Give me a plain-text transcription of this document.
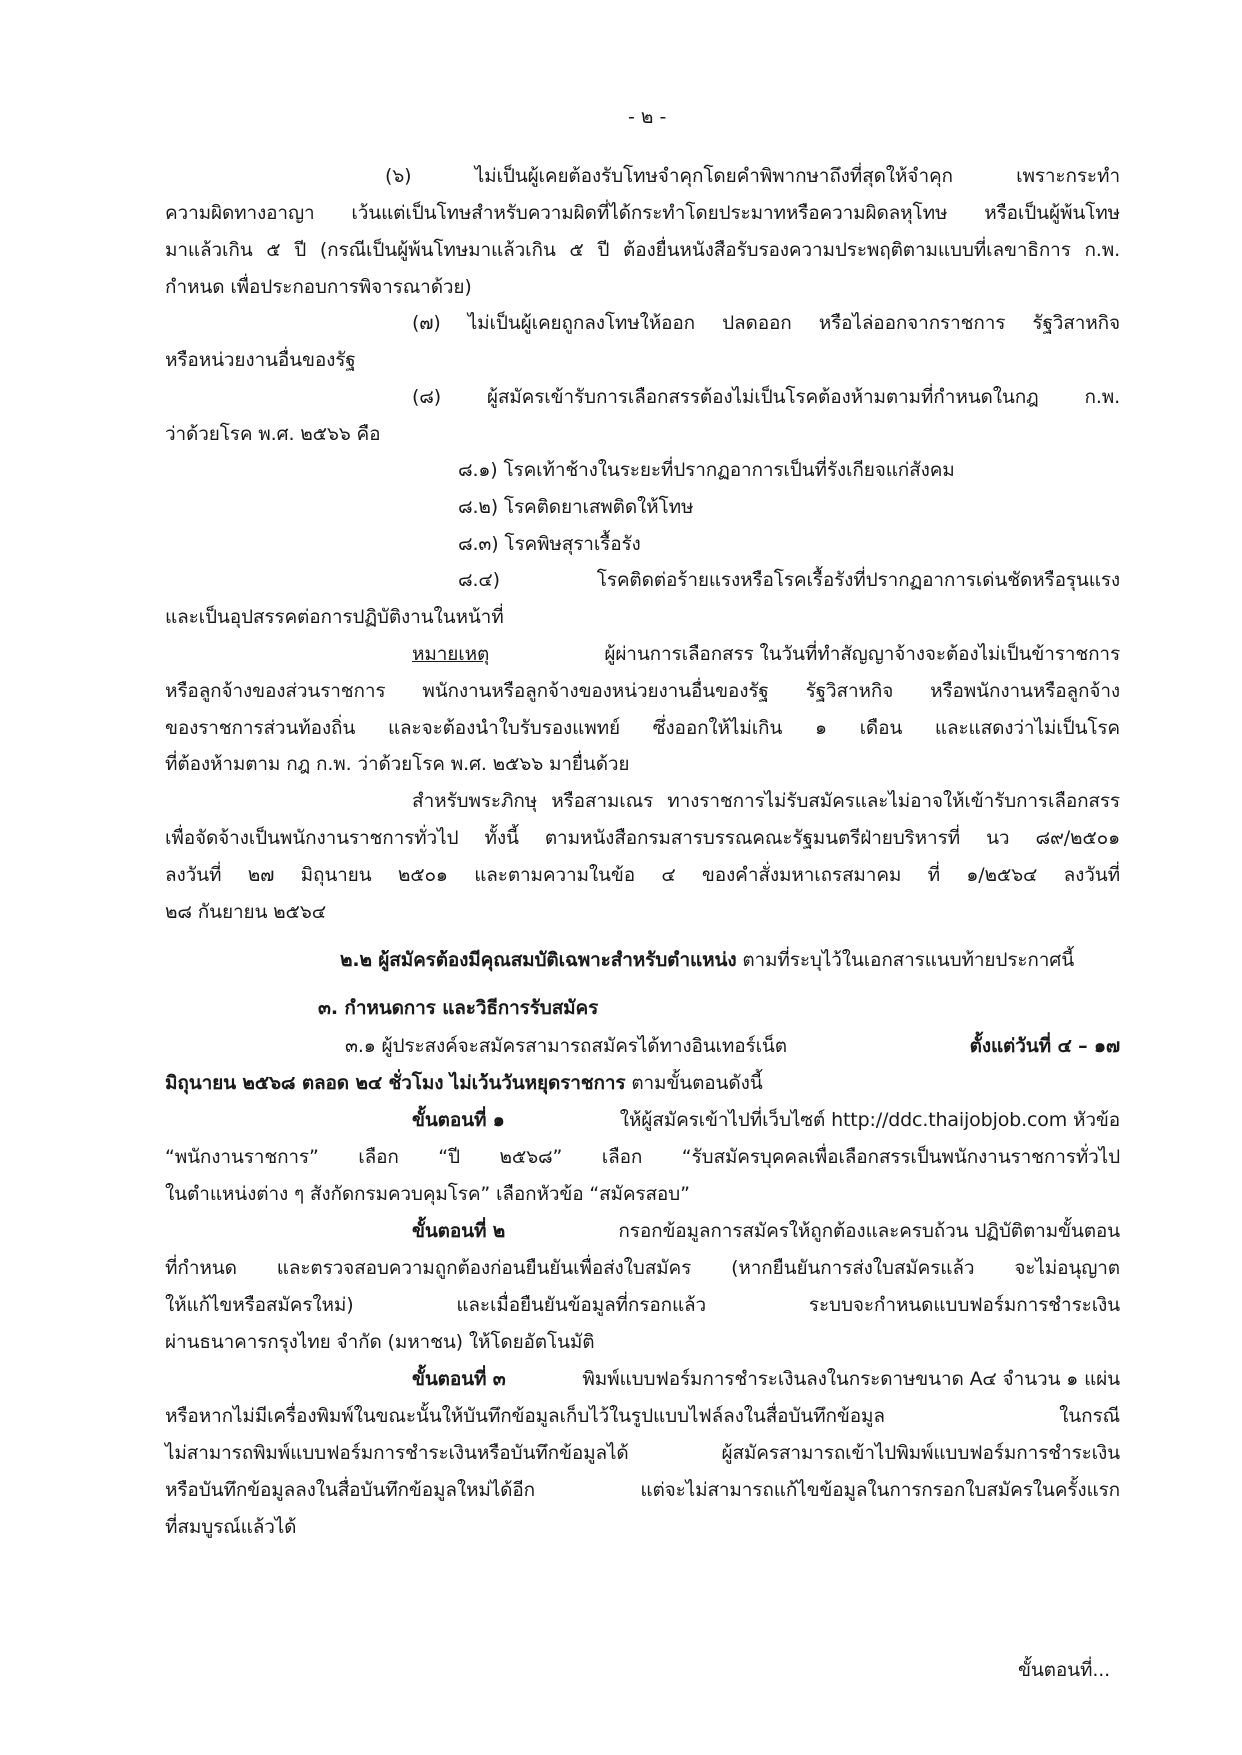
- ๒ -
(๖) ไม่เป็นผู้เคยต้องรับโทษจำคุกโดยคำพิพากษาถึงที่สุดให้จำคุก เพราะกระทำ
ความผิดทางอาญา เว้นแต่เป็นโทษสำหรับความผิดที่ได้กระทำโดยประมาทหรือความผิดลหุโทษ หรือเป็นผู้พ้นโทษ
มาแล้วเกิน ๕ ปี (กรณีเป็นผู้พ้นโทษมาแล้วเกิน ๕ ปี ต้องยื่นหนังสือรับรองความประพฤติตามแบบที่เลขาธิการ ก.พ.
กำหนด เพื่อประกอบการพิจารณาด้วย)
(๗) ไม่เป็นผู้เคยถูกลงโทษให้ออก ปลดออก หรือไล่ออกจากราชการ รัฐวิสาหกิจ
หรือหน่วยงานอื่นของรัฐ
(๘) ผู้สมัครเข้ารับการเลือกสรรต้องไม่เป็นโรคต้องห้ามตามที่กำหนดในกฎ ก.พ.
ว่าด้วยโรค พ.ศ. ๒๕๖๖ คือ
๘.๑) โรคเท้าช้างในระยะที่ปรากฏอาการเป็นที่รังเกียจแก่สังคม
๘.๒) โรคติดยาเสพติดให้โทษ
๘.๓) โรคพิษสุราเรื้อรัง
๘.๔) โรคติดต่อร้ายแรงหรือโรคเรื้อรังที่ปรากฏอาการเด่นชัดหรือรุนแรง
และเป็นอุปสรรคต่อการปฏิบัติงานในหน้าที่
หมายเหตุ	ผู้ผ่านการเลือกสรร ในวันที่ทำสัญญาจ้างจะต้องไม่เป็นข้าราชการ
หรือลูกจ้างของส่วนราชการ พนักงานหรือลูกจ้างของหน่วยงานอื่นของรัฐ รัฐวิสาหกิจ หรือพนักงานหรือลูกจ้าง
ของราชการส่วนท้องถิ่น และจะต้องนำใบรับรองแพทย์ ซึ่งออกให้ไม่เกิน ๑ เดือน และแสดงว่าไม่เป็นโรค
ที่ต้องห้ามตาม กฎ ก.พ. ว่าด้วยโรค พ.ศ. ๒๕๖๖ มายื่นด้วย
สำหรับพระภิกษุ หรือสามเณร ทางราชการไม่รับสมัครและไม่อาจให้เข้ารับการเลือกสรร
เพื่อจัดจ้างเป็นพนักงานราชการทั่วไป ทั้งนี้ ตามหนังสือกรมสารบรรณคณะรัฐมนตรีฝ่ายบริหารที่ นว ๘๙/๒๕๐๑
ลงวันที่ ๒๗ มิถุนายน ๒๕๐๑ และตามความในข้อ ๔ ของคำสั่งมหาเถรสมาคม ที่ ๑/๒๕๖๔ ลงวันที่
๒๘ กันยายน ๒๕๖๔
๒.๒ ผู้สมัครต้องมีคุณสมบัติเฉพาะสำหรับตำแหน่ง ตามที่ระบุไว้ในเอกสารแนบท้ายประกาศนี้
๓. กำหนดการ และวิธีการรับสมัคร
๓.๑ ผู้ประสงค์จะสมัครสามารถสมัครได้ทางอินเทอร์เน็ต	ตั้งแต่วันที่ ๔ – ๑๗
มิถุนายน ๒๕๖๘ ตลอด ๒๔ ชั่วโมง ไม่เว้นวันหยุดราชการ ตามขั้นตอนดังนี้
ขั้นตอนที่ ๑	ให้ผู้สมัครเข้าไปที่เว็บไซต์ http://ddc.thaijobjob.com หัวข้อ
“พนักงานราชการ” เลือก “ปี ๒๕๖๘” เลือก “รับสมัครบุคคลเพื่อเลือกสรรเป็นพนักงานราชการทั่วไป
ในตำแหน่งต่าง ๆ สังกัดกรมควบคุมโรค” เลือกหัวข้อ “สมัครสอบ”
ขั้นตอนที่ ๒	กรอกข้อมูลการสมัครให้ถูกต้องและครบถ้วน ปฏิบัติตามขั้นตอน
ที่กำหนด และตรวจสอบความถูกต้องก่อนยืนยันเพื่อส่งใบสมัคร (หากยืนยันการส่งใบสมัครแล้ว จะไม่อนุญาต
ให้แก้ไขหรือสมัครใหม่) และเมื่อยืนยันข้อมูลที่กรอกแล้ว ระบบจะกำหนดแบบฟอร์มการชำระเงิน
ผ่านธนาคารกรุงไทย จำกัด (มหาชน) ให้โดยอัตโนมัติ
ขั้นตอนที่ ๓	พิมพ์แบบฟอร์มการชำระเงินลงในกระดาษขนาด A๔ จำนวน ๑ แผ่น
หรือหากไม่มีเครื่องพิมพ์ในขณะนั้นให้บันทึกข้อมูลเก็บไว้ในรูปแบบไฟล์ลงในสื่อบันทึกข้อมูล ในกรณี
ไม่สามารถพิมพ์แบบฟอร์มการชำระเงินหรือบันทึกข้อมูลได้ ผู้สมัครสามารถเข้าไปพิมพ์แบบฟอร์มการชำระเงิน
หรือบันทึกข้อมูลลงในสื่อบันทึกข้อมูลใหม่ได้อีก แต่จะไม่สามารถแก้ไขข้อมูลในการกรอกใบสมัครในครั้งแรก
ที่สมบูรณ์แล้วได้
ขั้นตอนที่...
